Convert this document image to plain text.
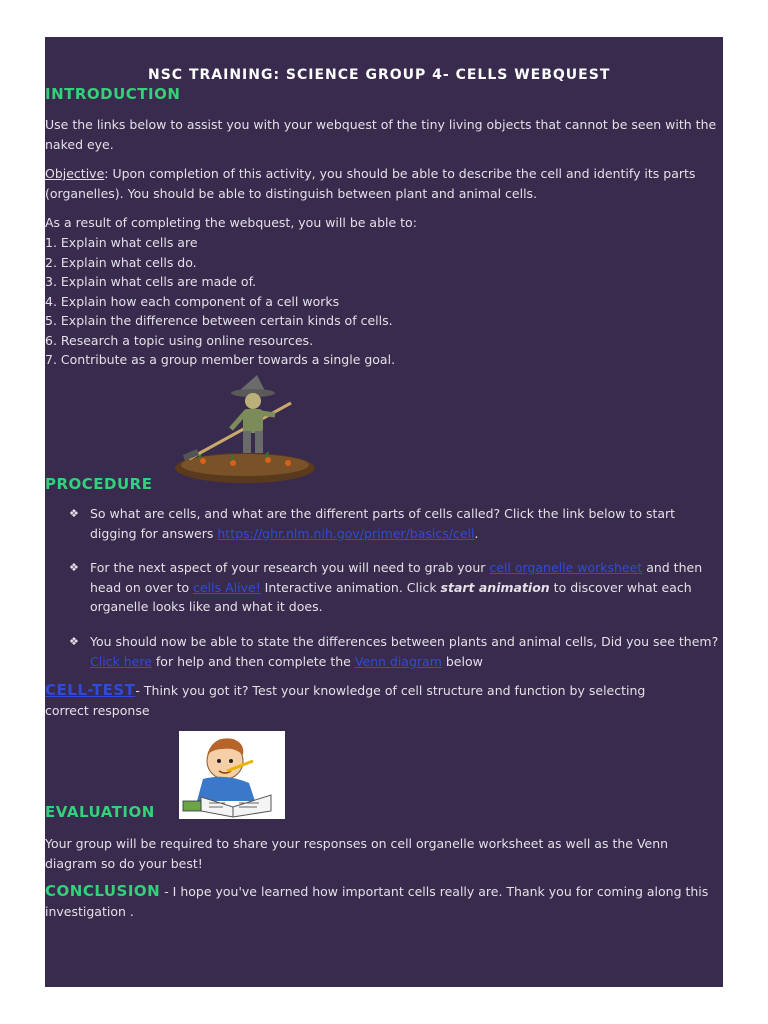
NSC TRAINING: SCIENCE GROUP 4- CELLS WEBQUEST
INTRODUCTION
Use the links below to assist you with your webquest of the tiny living objects that cannot be seen with the naked eye.
Objective: Upon completion of this activity, you should be able to describe the cell and identify its parts (organelles). You should be able to distinguish between plant and animal cells.
As a result of completing the webquest, you will be able to:
1. Explain what cells are
2. Explain what cells do.
3. Explain what cells are made of.
4. Explain how each component of a cell works
5. Explain the difference between certain kinds of cells.
6. Research a topic using online resources.
7. Contribute as a group member towards a single goal.
PROCEDURE
❖ So what are cells, and what are the different parts of cells called? Click the link below to start digging for answers https://ghr.nlm.nih.gov/primer/basics/cell.
❖ For the next aspect of your research you will need to grab your cell organelle worksheet and then head on over to cells Alive! Interactive animation. Click start animation to discover what each organelle looks like and what it does.
❖ You should now be able to state the differences between plants and animal cells, Did you see them? Click here for help and then complete the Venn diagram below
CELL-TEST- Think you got it? Test your knowledge of cell structure and function by selecting correct response
EVALUATION
Your group will be required to share your responses on cell organelle worksheet as well as the Venn diagram so do your best!
CONCLUSION - I hope you've learned how important cells really are. Thank you for coming along this investigation .
